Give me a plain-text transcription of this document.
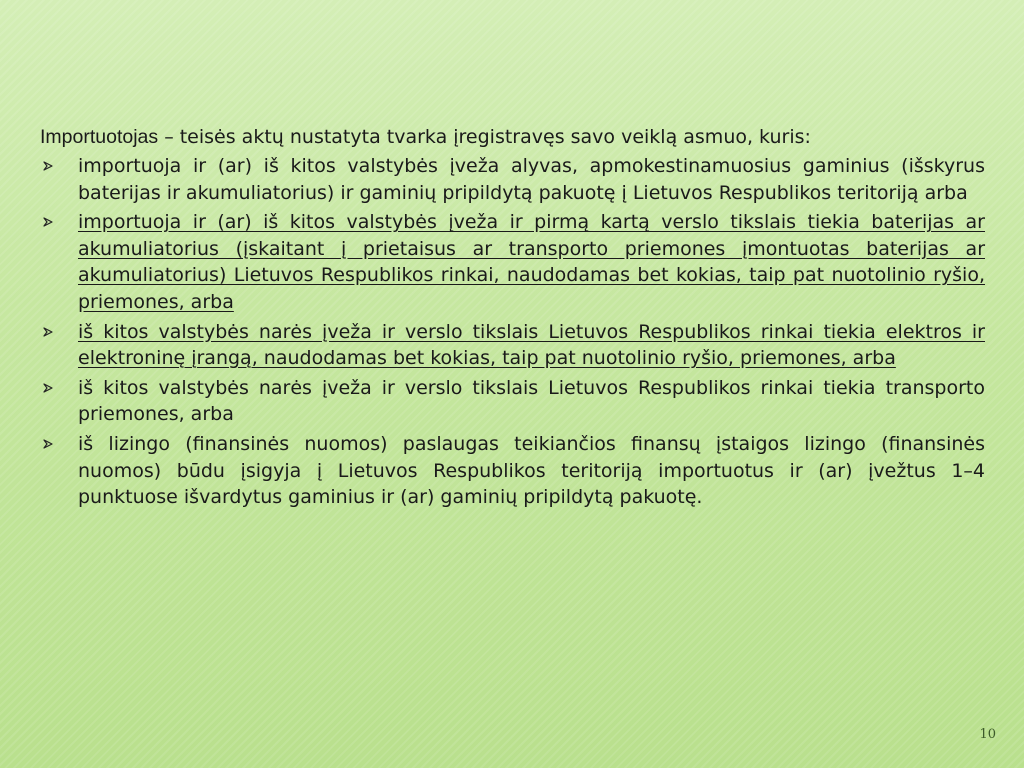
Importuotojas – teisės aktų nustatyta tvarka įregistravęs savo veiklą asmuo, kuris:

importuoja ir (ar) iš kitos valstybės įveža alyvas, apmokestinamuosius gaminius (išskyrus baterijas ir akumuliatorius) ir gaminių pripildytą pakuotę į Lietuvos Respublikos teritoriją arba
importuoja ir (ar) iš kitos valstybės įveža ir pirmą kartą verslo tikslais tiekia baterijas ar akumuliatorius (įskaitant į prietaisus ar transporto priemones įmontuotas baterijas ar akumuliatorius) Lietuvos Respublikos rinkai, naudodamas bet kokias, taip pat nuotolinio ryšio, priemones, arba
iš kitos valstybės narės įveža ir verslo tikslais Lietuvos Respublikos rinkai tiekia elektros ir elektroninę įrangą, naudodamas bet kokias, taip pat nuotolinio ryšio, priemones, arba
iš kitos valstybės narės įveža ir verslo tikslais Lietuvos Respublikos rinkai tiekia transporto priemones, arba
iš lizingo (finansinės nuomos) paslaugas teikiančios finansų įstaigos lizingo (finansinės nuomos) būdu įsigyja į Lietuvos Respublikos teritoriją importuotus ir (ar) įvežtus 1–4 punktuose išvardytus gaminius ir (ar) gaminių pripildytą pakuotę.
10
